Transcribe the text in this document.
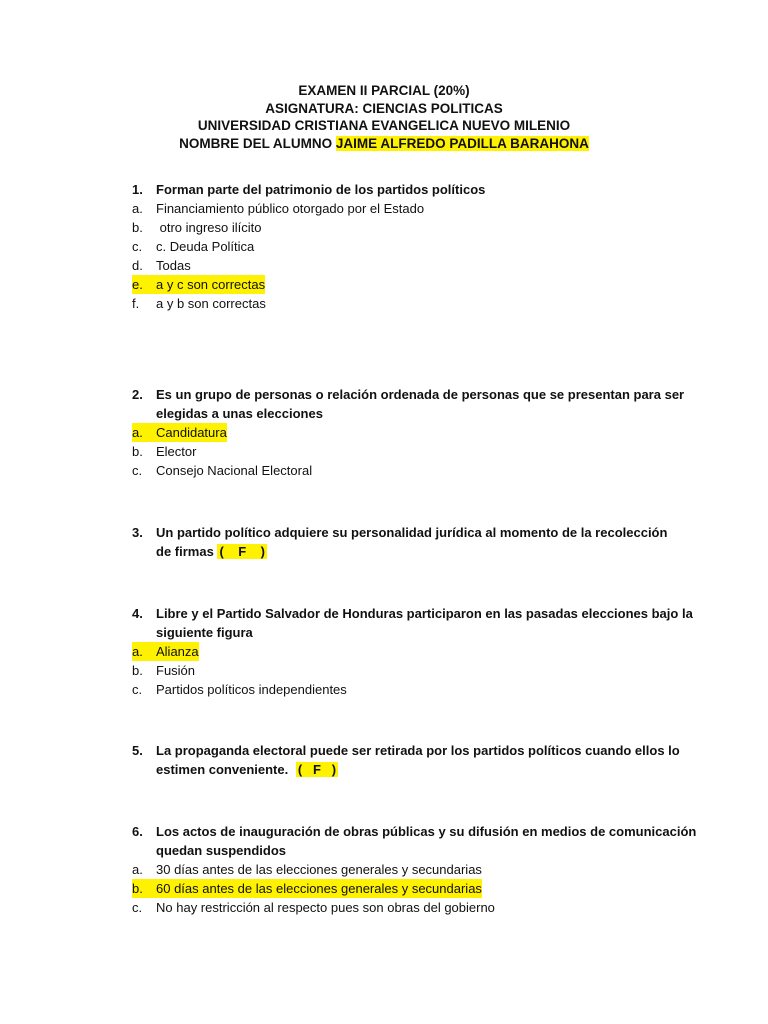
EXAMEN II PARCIAL (20%)
ASIGNATURA: CIENCIAS POLITICAS
UNIVERSIDAD CRISTIANA EVANGELICA NUEVO MILENIO
NOMBRE DEL ALUMNO JAIME ALFREDO PADILLA BARAHONA
1. Forman parte del patrimonio de los partidos políticos
a. Financiamiento público otorgado por el Estado
b. otro ingreso ilícito
c. c. Deuda Política
d. Todas
e.	a y c son correctas
f. a y b son correctas
2. Es un grupo de personas o relación ordenada de personas que se presentan para ser
elegidas a unas elecciones
a.	Candidatura
b. Elector
c. Consejo Nacional Electoral
3. Un partido político adquiere su personalidad jurídica al momento de la recolección
de firmas (    F    )
4. Libre y el Partido Salvador de Honduras participaron en las pasadas elecciones bajo la
siguiente figura
a.	Alianza
b. Fusión
c. Partidos políticos independientes
5. La propaganda electoral puede ser retirada por los partidos políticos cuando ellos lo
estimen conveniente. (   F   )
6. Los actos de inauguración de obras públicas y su difusión en medios de comunicación
quedan suspendidos
a. 30 días antes de las elecciones generales y secundarias
b.	60 días antes de las elecciones generales y secundarias
c. No hay restricción al respecto pues son obras del gobierno
